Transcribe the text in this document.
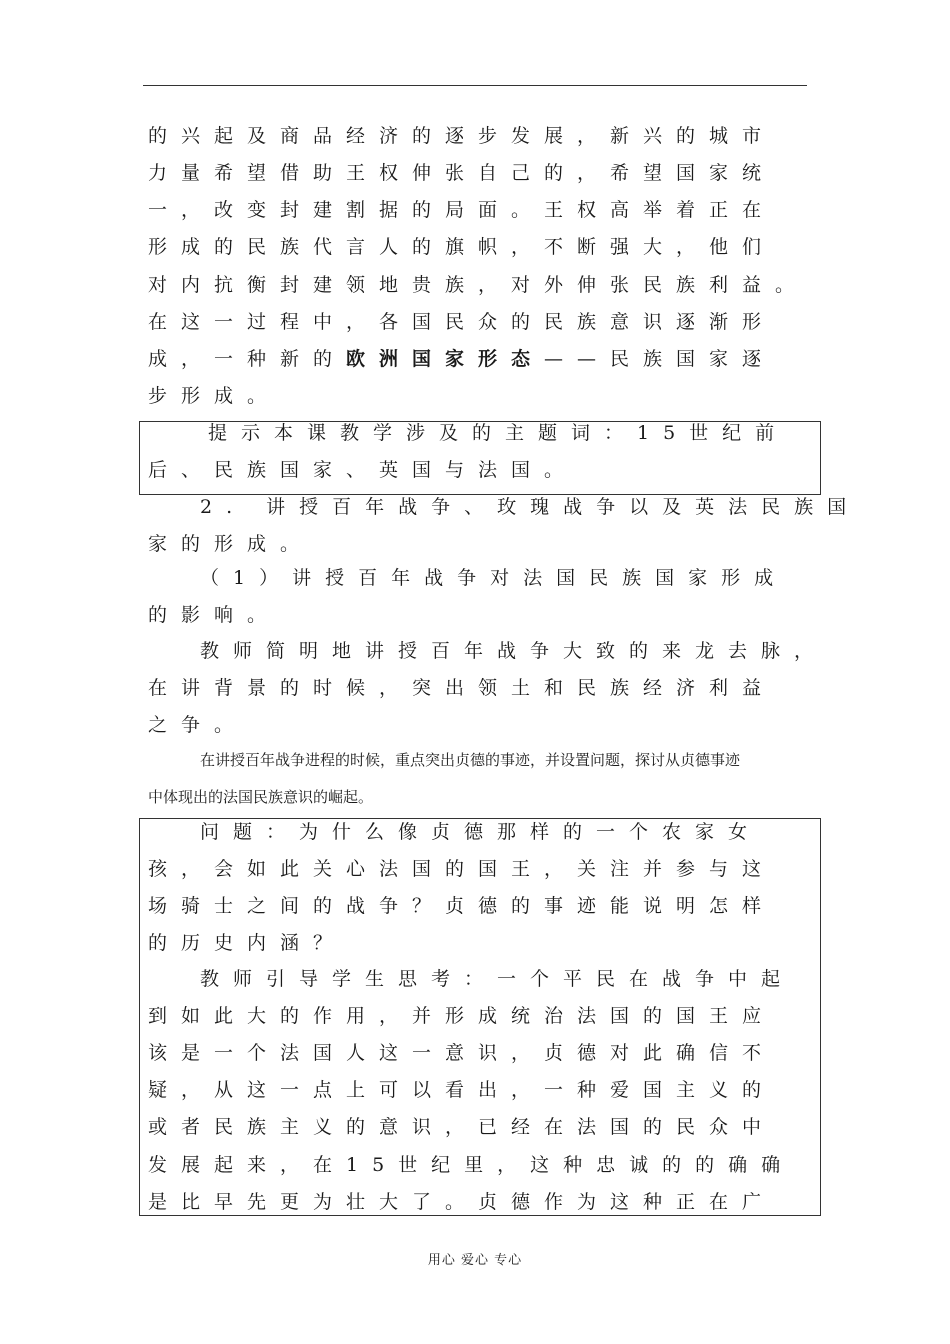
的兴起及商品经济的逐步发展，新兴的城市
力量希望借助王权伸张自己的，希望国家统
一，改变封建割据的局面。王权高举着正在
形成的民族代言人的旗帜，不断强大，他们
对内抗衡封建领地贵族，对外伸张民族利益。
在这一过程中，各国民众的民族意识逐渐形
成，一种新的欧洲国家形态——民族国家逐
步形成。
提示本课教学涉及的主题词：15世纪前
后、民族国家、英国与法国。
2. 讲授百年战争、玫瑰战争以及英法民族国
家的形成。
（1）讲授百年战争对法国民族国家形成
的影响。
教师简明地讲授百年战争大致的来龙去脉，
在讲背景的时候，突出领土和民族经济利益
之争。
在讲授百年战争进程的时候，重点突出贞德的事迹，并设置问题，探讨从贞德事迹
中体现出的法国民族意识的崛起。
问题：为什么像贞德那样的一个农家女
孩，会如此关心法国的国王，关注并参与这
场骑士之间的战争？贞德的事迹能说明怎样
的历史内涵？
教师引导学生思考：一个平民在战争中起
到如此大的作用，并形成统治法国的国王应
该是一个法国人这一意识，贞德对此确信不
疑，从这一点上可以看出，一种爱国主义的
或者民族主义的意识，已经在法国的民众中
发展起来，在15世纪里，这种忠诚的的确确
是比早先更为壮大了。贞德作为这种正在广
用心 爱心 专心
